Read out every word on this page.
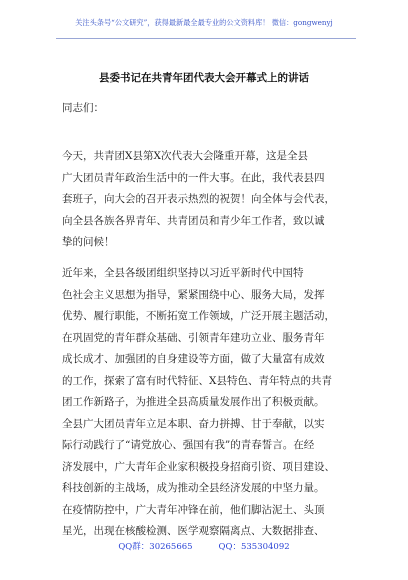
关注头条号“公文研究”，获得最新最全最专业的公文资料库！ 微信：gongwenyj
县委书记在共青年团代表大会开幕式上的讲话
同志们：
今天，共青团X县第X次代表大会隆重开幕，这是全县
广大团员青年政治生活中的一件大事。在此，我代表县四
套班子，向大会的召开表示热烈的祝贺！向全体与会代表，
向全县各族各界青年、共青团员和青少年工作者，致以诚
挚的问候！
近年来，全县各级团组织坚持以习近平新时代中国特
色社会主义思想为指导，紧紧围绕中心、服务大局，发挥
优势、履行职能，不断拓宽工作领域，广泛开展主题活动，
在巩固党的青年群众基础、引领青年建功立业、服务青年
成长成才、加强团的自身建设等方面，做了大量富有成效
的工作，探索了富有时代特征、X县特色、青年特点的共青
团工作新路子，为推进全县高质量发展作出了积极贡献。
全县广大团员青年立足本职、奋力拼搏、甘于奉献，以实
际行动践行了“请党放心、强国有我”的青春誓言。在经
济发展中，广大青年企业家积极投身招商引资、项目建设、
科技创新的主战场，成为推动全县经济发展的中坚力量。
在疫情防控中，广大青年冲锋在前，他们脚沾泥土、头顶
星光，出现在核酸检测、医学观察隔离点、大数据排查、
QQ群：30265665	QQ：535304092
